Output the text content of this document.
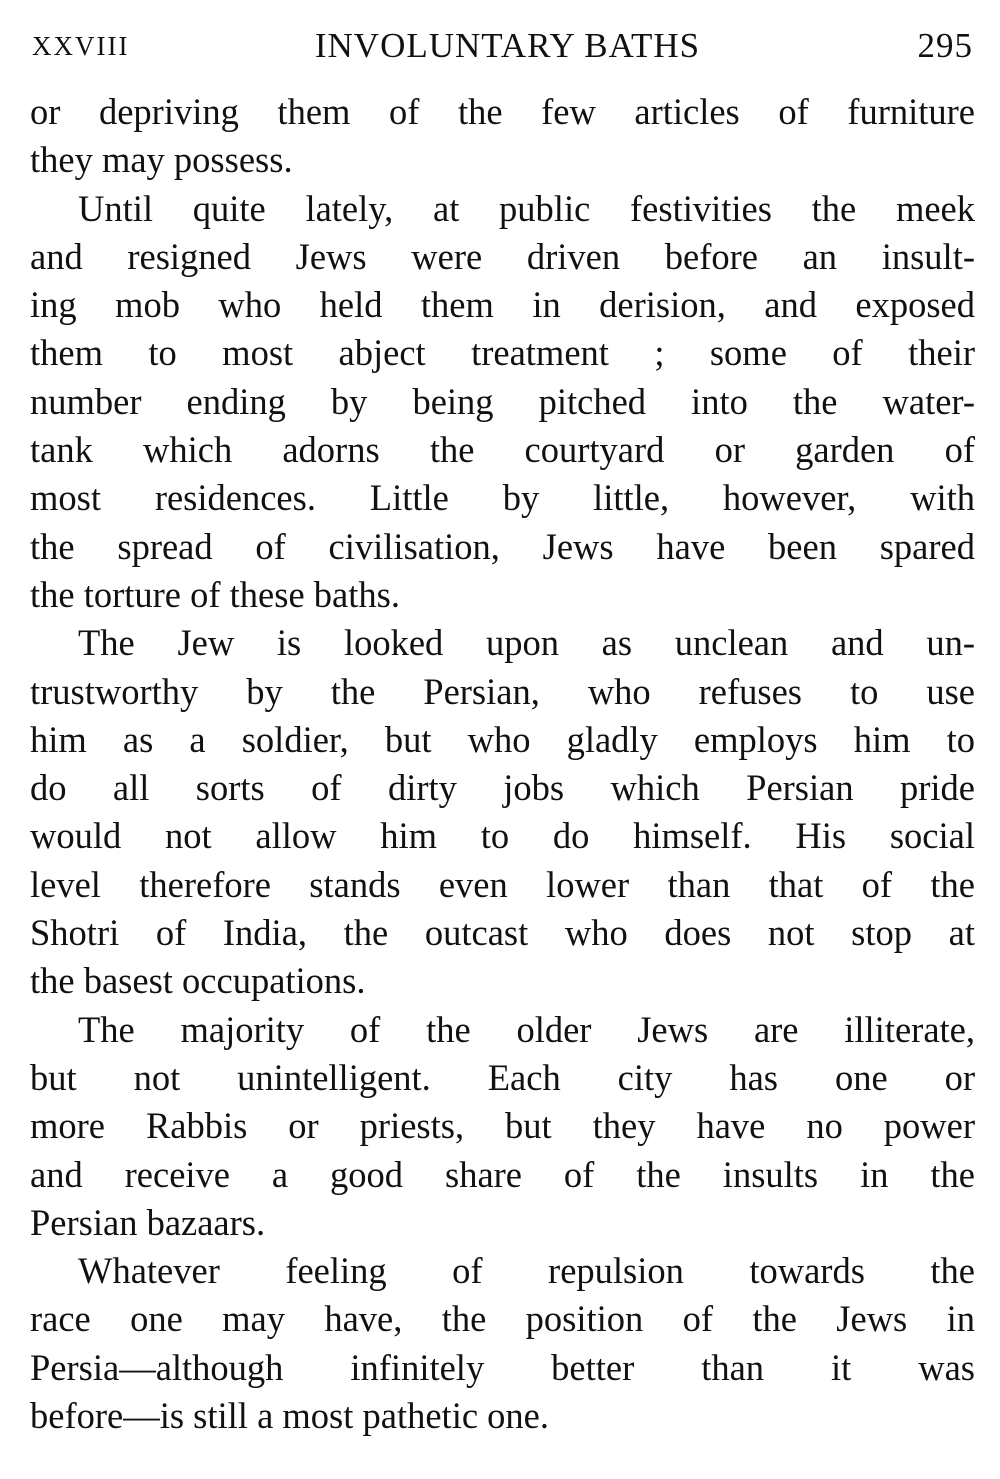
XXVIII	INVOLUNTARY BATHS	295
or depriving them of the few articles of furniture
they may possess.
Until quite lately, at public festivities the meek
and resigned Jews were driven before an insult-
ing mob who held them in derision, and exposed
them to most abject treatment ; some of their
number ending by being pitched into the water-
tank which adorns the courtyard or garden of
most residences. Little by little, however, with
the spread of civilisation, Jews have been spared
the torture of these baths.
The Jew is looked upon as unclean and un-
trustworthy by the Persian, who refuses to use
him as a soldier, but who gladly employs him to
do all sorts of dirty jobs which Persian pride
would not allow him to do himself. His social
level therefore stands even lower than that of the
Shotri of India, the outcast who does not stop at
the basest occupations.
The majority of the older Jews are illiterate,
but not unintelligent. Each city has one or
more Rabbis or priests, but they have no power
and receive a good share of the insults in the
Persian bazaars.
Whatever feeling of repulsion towards the
race one may have, the position of the Jews in
Persia—although infinitely better than it was
before—is still a most pathetic one.
